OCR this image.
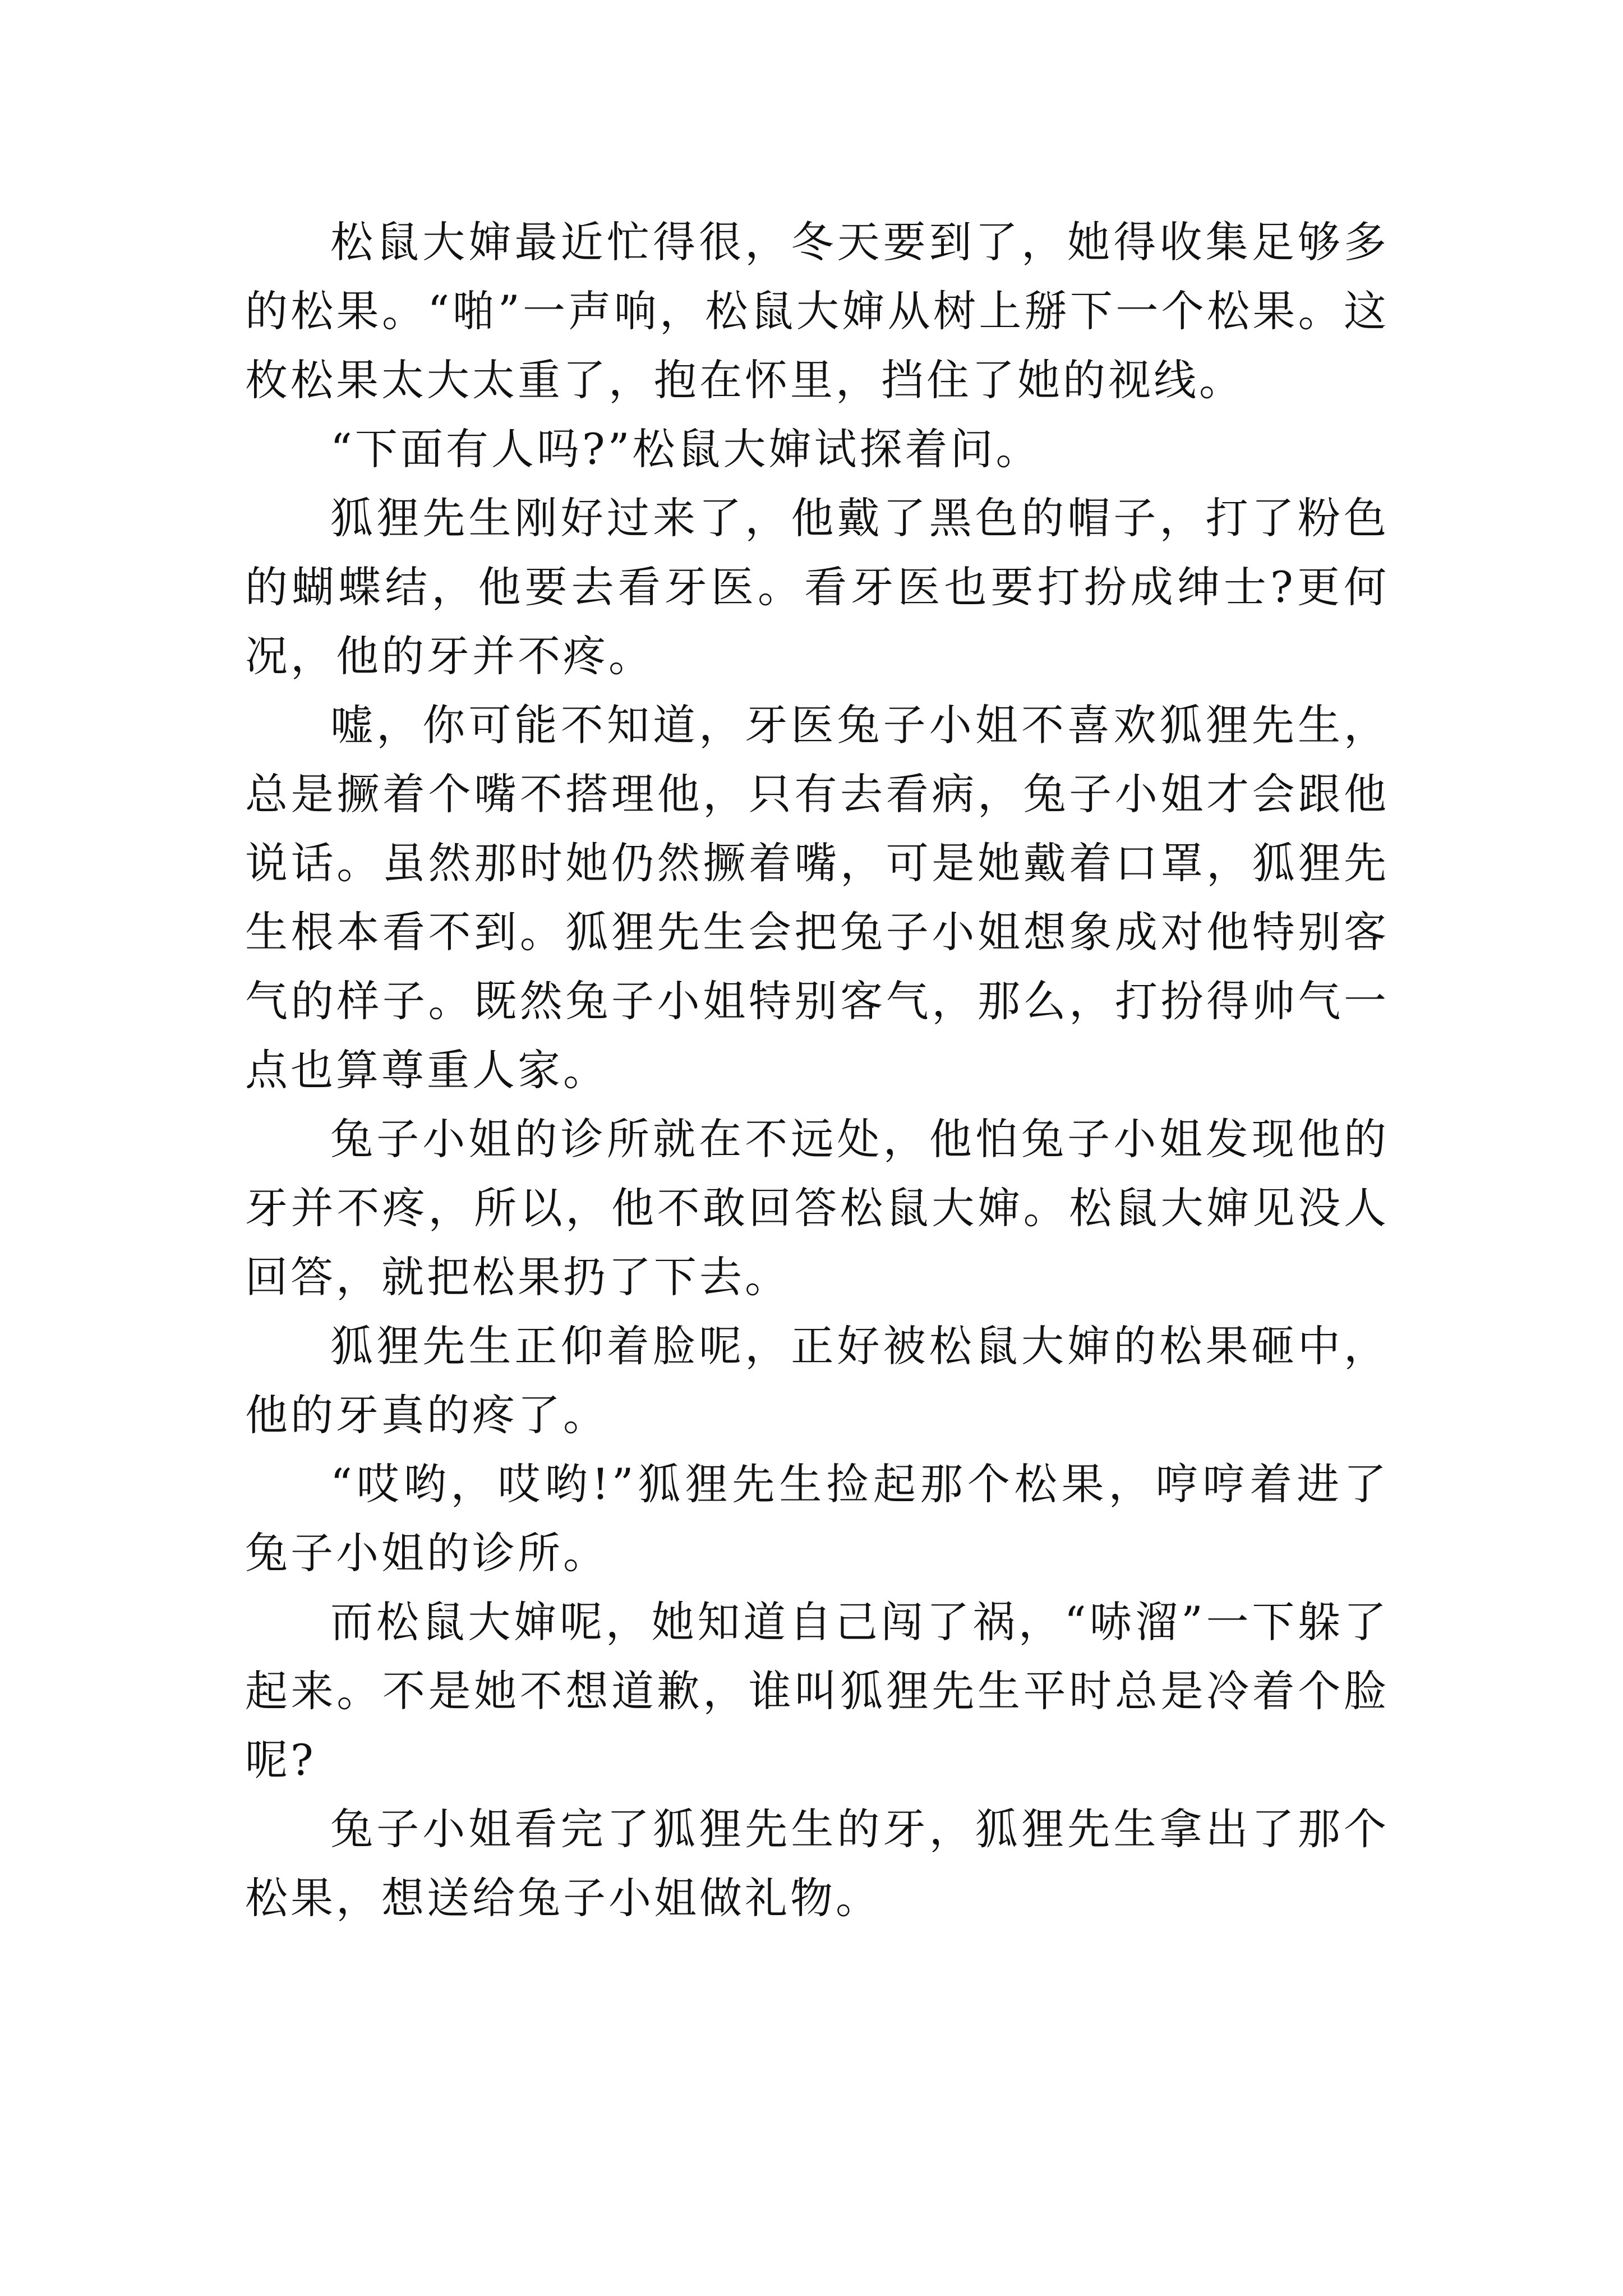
松鼠大婶最近忙得很，冬天要到了，她得收集足够多的松果。“啪”一声响，松鼠大婶从树上掰下一个松果。这枚松果太大太重了，抱在怀里，挡住了她的视线。

“下面有人吗?”松鼠大婶试探着问。

狐狸先生刚好过来了，他戴了黑色的帽子，打了粉色的蝴蝶结，他要去看牙医。看牙医也要打扮成绅士?更何况，他的牙并不疼。

嘘，你可能不知道，牙医兔子小姐不喜欢狐狸先生，总是撅着个嘴不搭理他，只有去看病，兔子小姐才会跟他说话。虽然那时她仍然撅着嘴，可是她戴着口罩，狐狸先生根本看不到。狐狸先生会把兔子小姐想象成对他特别客气的样子。既然兔子小姐特别客气，那么，打扮得帅气一点也算尊重人家。

兔子小姐的诊所就在不远处，他怕兔子小姐发现他的牙并不疼，所以，他不敢回答松鼠大婶。松鼠大婶见没人回答，就把松果扔了下去。

狐狸先生正仰着脸呢，正好被松鼠大婶的松果砸中，他的牙真的疼了。

“哎哟，哎哟!”狐狸先生捡起那个松果，哼哼着进了兔子小姐的诊所。

而松鼠大婶呢，她知道自己闯了祸，“哧溜”一下躲了起来。不是她不想道歉，谁叫狐狸先生平时总是冷着个脸呢?

兔子小姐看完了狐狸先生的牙，狐狸先生拿出了那个松果，想送给兔子小姐做礼物。
